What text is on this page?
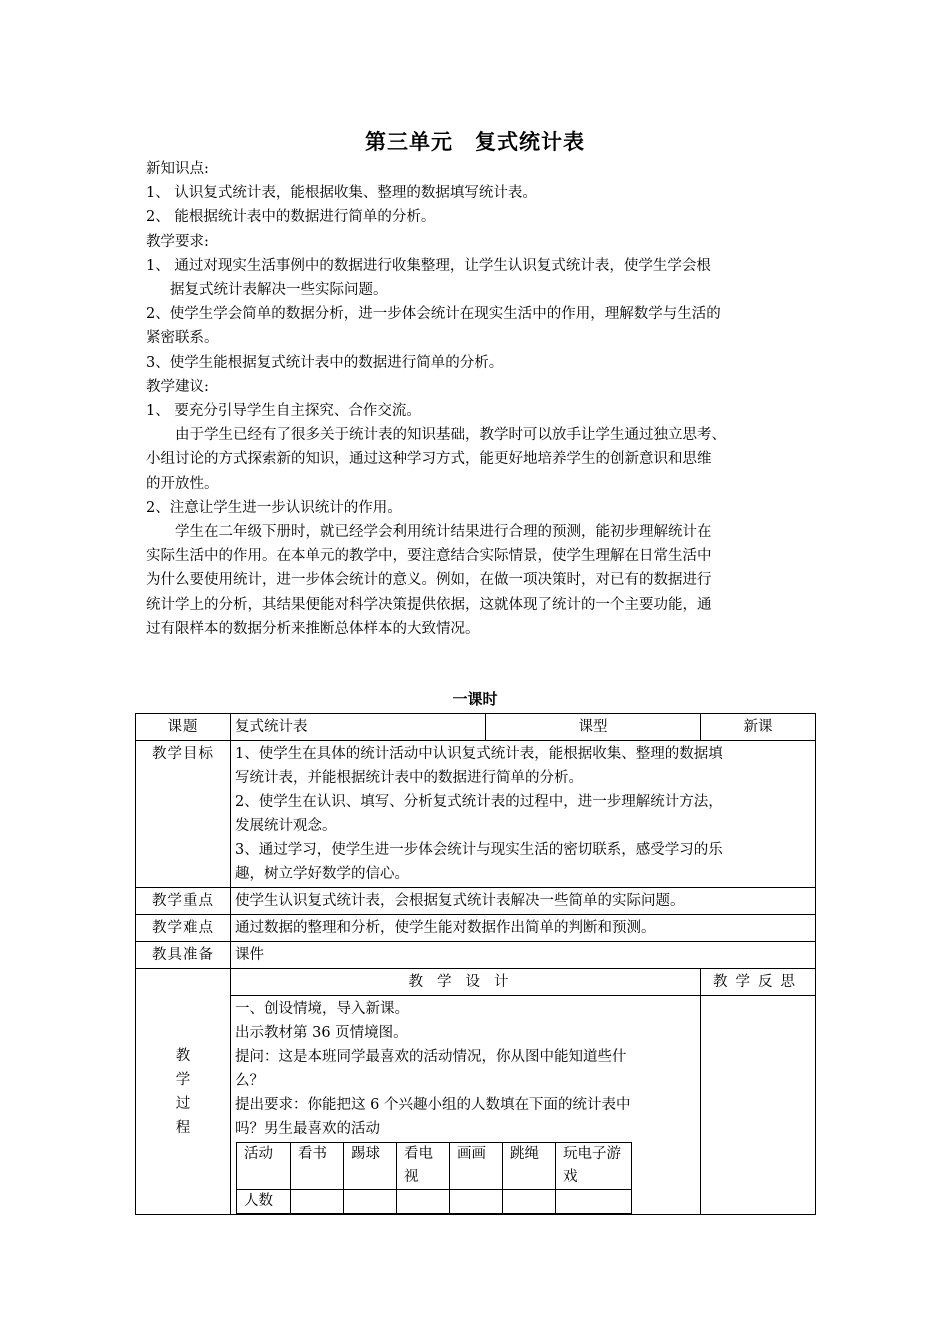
第三单元　复式统计表

新知识点:

1、 认识复式统计表，能根据收集、整理的数据填写统计表。

2、 能根据统计表中的数据进行简单的分析。

教学要求:

1、 通过对现实生活事例中的数据进行收集整理，让学生认识复式统计表，使学生学会根

据复式统计表解决一些实际问题。

2、使学生学会简单的数据分析，进一步体会统计在现实生活中的作用，理解数学与生活的

紧密联系。

3、使学生能根据复式统计表中的数据进行简单的分析。

教学建议:

1、 要充分引导学生自主探究、合作交流。

由于学生已经有了很多关于统计表的知识基础，教学时可以放手让学生通过独立思考、

小组讨论的方式探索新的知识，通过这种学习方式，能更好地培养学生的创新意识和思维

的开放性。

2、注意让学生进一步认识统计的作用。

学生在二年级下册时，就已经学会利用统计结果进行合理的预测，能初步理解统计在

实际生活中的作用。在本单元的教学中，要注意结合实际情景，使学生理解在日常生活中

为什么要使用统计，进一步体会统计的意义。例如，在做一项决策时，对已有的数据进行

统计学上的分析，其结果便能对科学决策提供依据，这就体现了统计的一个主要功能，通

过有限样本的数据分析来推断总体样本的大致情况。

一课时
课题	复式统计表	课型	新课
教学目标	1、使学生在具体的统计活动中认识复式统计表，能根据收集、整理的数据填

写统计表，并能根据统计表中的数据进行简单的分析。

2、使学生在认识、填写、分析复式统计表的过程中，进一步理解统计方法，

发展统计观念。

3、通过学习，使学生进一步体会统计与现实生活的密切联系，感受学习的乐

趣，树立学好数学的信心。

教学重点	使学生认识复式统计表，会根据复式统计表解决一些简单的实际问题。
教学难点	通过数据的整理和分析，使学生能对数据作出简单的判断和预测。
教具准备	课件

教
学
过
程
	教学设计	教学反思

一、创设情境，导入新课。

出示教材第 36 页情境图。

提问：这是本班同学最喜欢的活动情况，你从图中能知道些什

么？

提出要求：你能把这 6 个兴趣小组的人数填在下面的统计表中

吗？男生最喜欢的活动

活动	看书	踢球	看电视	画画	跳绳	玩电子游戏
人数						
